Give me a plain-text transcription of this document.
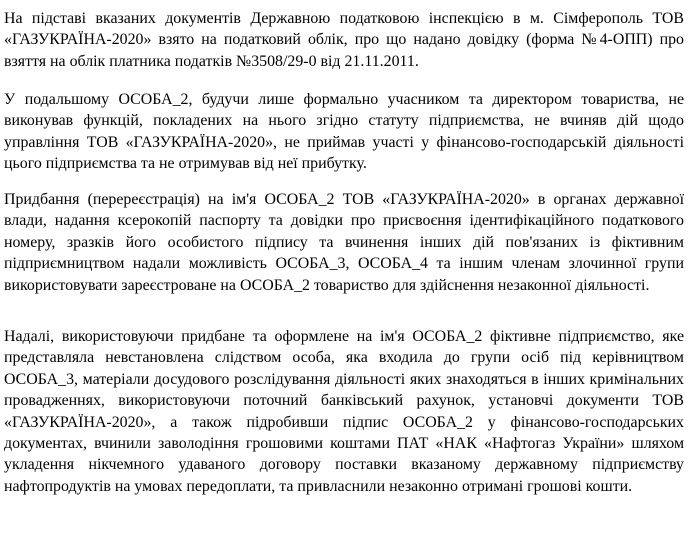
На підставі вказаних документів Державною податковою інспекцією в м. Сімферополь ТОВ «ГАЗУКРАЇНА-2020» взято на податковий облік, про що надано довідку (форма №4-ОПП) про взяття на облік платника податків №3508/29-0 від 21.11.2011.

У подальшому ОСОБА_2, будучи лише формально учасником та директором товариства, не виконував функцій, покладених на нього згідно статуту підприємства, не вчиняв дій щодо управління ТОВ «ГАЗУКРАЇНА-2020», не приймав участі у фінансово-господарській діяльності цього підприємства та не отримував від неї прибутку.

Придбання (перереєстрація) на ім'я ОСОБА_2 ТОВ «ГАЗУКРАЇНА-2020» в органах державної влади, надання ксерокопій паспорту та довідки про присвоєння ідентифікаційного податкового номеру, зразків його особистого підпису та вчинення інших дій пов'язаних із фіктивним підприємництвом надали можливість ОСОБА_3, ОСОБА_4 та іншим членам злочинної групи використовувати зареєстроване на ОСОБА_2 товариство для здійснення незаконної діяльності.

Надалі, використовуючи придбане та оформлене на ім'я ОСОБА_2 фіктивне підприємство, яке представляла невстановлена слідством особа, яка входила до групи осіб під керівництвом ОСОБА_3, матеріали досудового розслідування діяльності яких знаходяться в інших кримінальних провадженнях, використовуючи поточний банківський рахунок, установчі документи ТОВ «ГАЗУКРАЇНА-2020», а також підробивши підпис ОСОБА_2 у фінансово-господарських документах, вчинили заволодіння грошовими коштами ПАТ «НАК «Нафтогаз України» шляхом укладення нікчемного удаваного договору поставки вказаному державному підприємству нафтопродуктів на умовах передоплати, та привласнили незаконно отримані грошові кошти.
